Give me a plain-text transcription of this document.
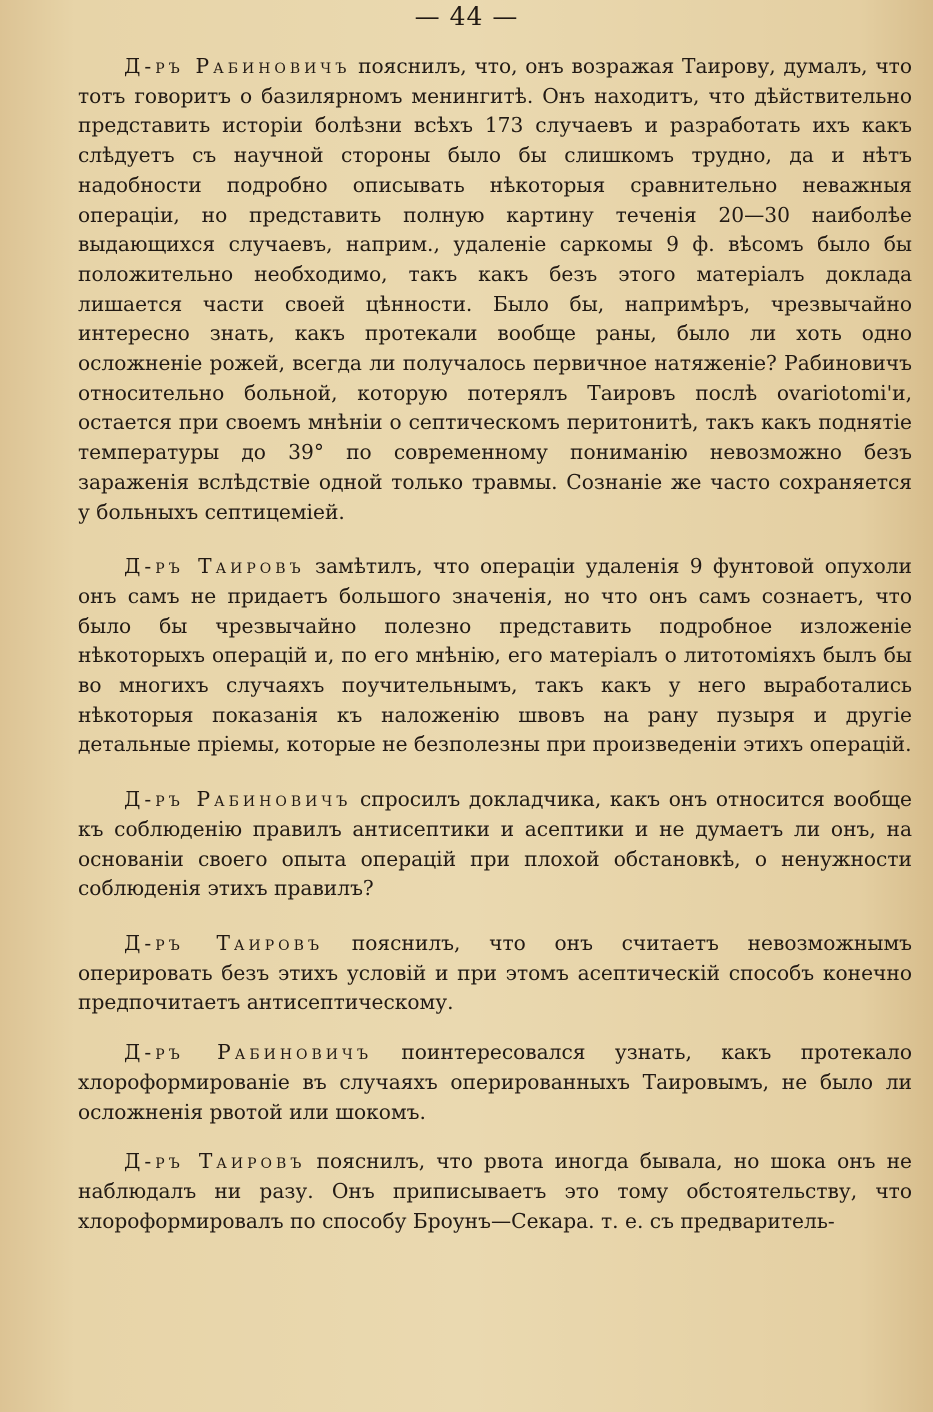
— 44 —

Д-ръ Рабиновичъ пояснилъ, что, онъ возражая Таирову, думалъ, что тотъ говоритъ о базилярномъ менингитѣ. Онъ находитъ, что дѣйствительно представить исторіи болѣзни всѣхъ 173 случаевъ и разработать ихъ какъ слѣдуетъ съ научной стороны было бы слишкомъ трудно, да и нѣтъ надобности подробно описывать нѣкоторыя сравнительно неважныя операціи, но представить полную картину теченія 20—30 наиболѣе выдающихся случаевъ, наприм., удаленіе саркомы 9 ф. вѣсомъ было бы положительно необходимо, такъ какъ безъ этого матеріалъ доклада лишается части своей цѣнности. Было бы, напримѣръ, чрезвычайно интересно знать, какъ протекали вообще раны, было ли хоть одно осложненіе рожей, всегда ли получалось первичное натяженіе? Рабиновичъ относительно больной, которую потерялъ Таировъ послѣ ovariotomi'и, остается при своемъ мнѣніи о септическомъ перитонитѣ, такъ какъ поднятіе температуры до 39° по современному пониманію невозможно безъ зараженія вслѣдствіе одной только травмы. Сознаніе же часто сохраняется у больныхъ септицеміей.

Д-ръ Таировъ замѣтилъ, что операціи удаленія 9 фунтовой опухоли онъ самъ не придаетъ большого значенія, но что онъ самъ сознаетъ, что было бы чрезвычайно полезно представить подробное изложеніе нѣкоторыхъ операцій и, по его мнѣнію, его матеріалъ о литотоміяхъ былъ бы во многихъ случаяхъ поучительнымъ, такъ какъ у него выработались нѣкоторыя показанія къ наложенію швовъ на рану пузыря и другіе детальные пріемы, которые не безполезны при произведеніи этихъ операцій.

Д-ръ Рабиновичъ спросилъ докладчика, какъ онъ относится вообще къ соблюденію правилъ антисептики и асептики и не думаетъ ли онъ, на основаніи своего опыта операцій при плохой обстановкѣ, о ненужности соблюденія этихъ правилъ?

Д-ръ Таировъ пояснилъ, что онъ считаетъ невозможнымъ оперировать безъ этихъ условій и при этомъ асептическій способъ конечно предпочитаетъ антисептическому.

Д-ръ Рабиновичъ поинтересовался узнать, какъ протекало хлороформированіе въ случаяхъ оперированныхъ Таировымъ, не было ли осложненія рвотой или шокомъ.

Д-ръ Таировъ пояснилъ, что рвота иногда бывала, но шока онъ не наблюдалъ ни разу. Онъ приписываетъ это тому обстоятельству, что хлороформировалъ по способу Броунъ—Секара. т. е. съ предваритель-
